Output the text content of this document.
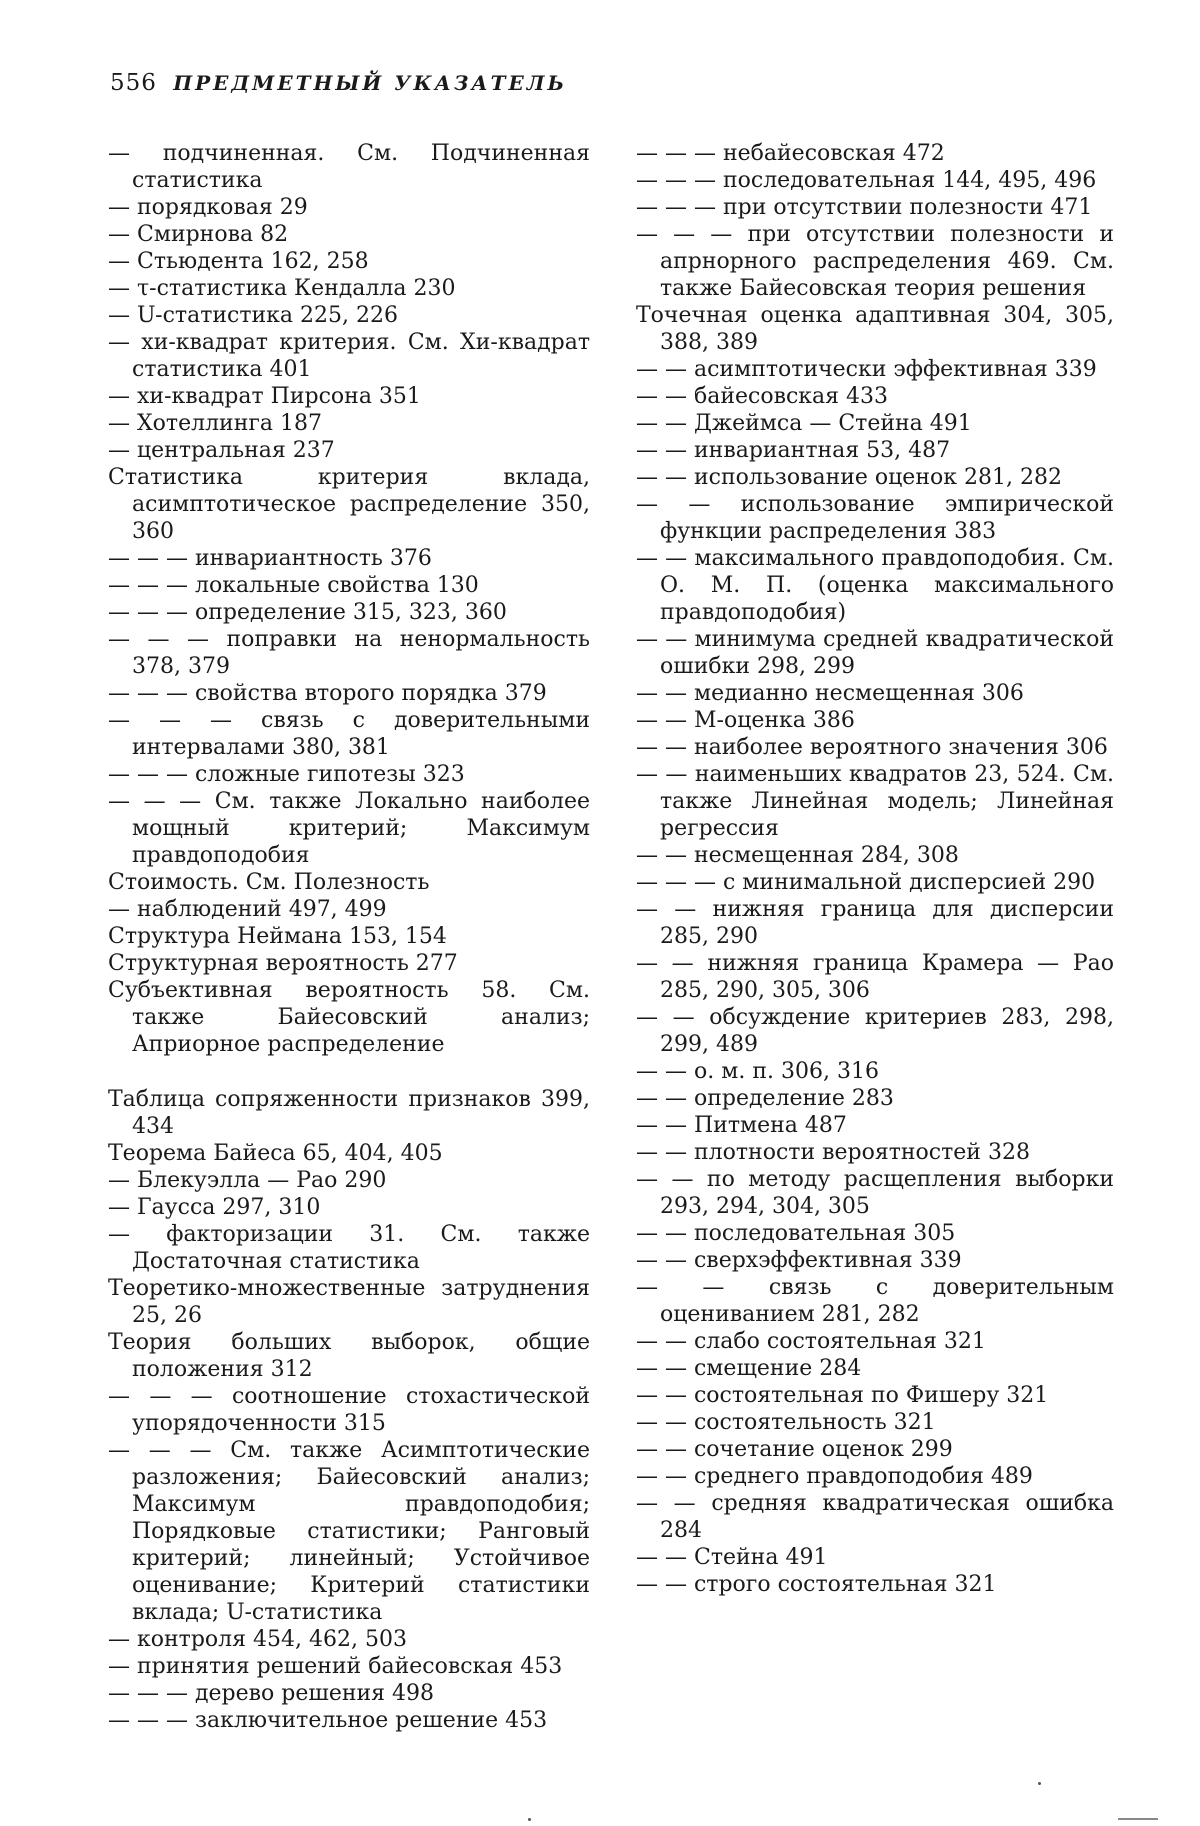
556 ПРЕДМЕТНЫЙ УКАЗАТЕЛЬ

— подчиненная. См. Подчиненная статистика

— порядковая 29

— Смирнова 82

— Стьюдента 162, 258

— τ-статистика Кендалла 230

— U-статистика 225, 226

— хи-квадрат критерия. См. Хи-квадрат статистика 401

— хи-квадрат Пирсона 351

— Хотеллинга 187

— центральная 237

Статистика критерия вклада, асимптотическое распределение 350, 360

— — — инвариантность 376

— — — локальные свойства 130

— — — определение 315, 323, 360

— — — поправки на ненормальность 378, 379

— — — свойства второго порядка 379

— — — связь с доверительными интервалами 380, 381

— — — сложные гипотезы 323

— — — См. также Локально наиболее мощный критерий; Максимум правдоподобия

Стоимость. См. Полезность

— наблюдений 497, 499

Структура Неймана 153, 154

Структурная вероятность 277

Субъективная вероятность 58. См. также Байесовский анализ; Априорное распределение

Таблица сопряженности признаков 399, 434

Теорема Байеса 65, 404, 405

— Блекуэлла — Рао 290

— Гаусса 297, 310

— факторизации 31. См. также Достаточная статистика

Теоретико-множественные затруднения 25, 26

Теория больших выборок, общие положения 312

— — — соотношение стохастической упорядоченности 315

— — — См. также Асимптотические разложения; Байесовский анализ; Максимум правдоподобия; Порядковые статистики; Ранговый критерий; линейный; Устойчивое оценивание; Критерий статистики вклада; U-статистика

— контроля 454, 462, 503

— принятия решений байесовская 453

— — — дерево решения 498

— — — заключительное решение 453

— — — небайесовская 472

— — — последовательная 144, 495, 496

— — — при отсутствии полезности 471

— — — при отсутствии полезности и апрнорного распределения 469. См. также Байесовская теория решения

Точечная оценка адаптивная 304, 305, 388, 389

— — асимптотически эффективная 339

— — байесовская 433

— — Джеймса — Стейна 491

— — инвариантная 53, 487

— — использование оценок 281, 282

— — использование эмпирической функции распределения 383

— — максимального правдоподобия. См. О. М. П. (оценка максимального правдоподобия)

— — минимума средней квадратической ошибки 298, 299

— — медианно несмещенная 306

— — M-оценка 386

— — наиболее вероятного значения 306

— — наименьших квадратов 23, 524. См. также Линейная модель; Линейная регрессия

— — несмещенная 284, 308

— — — с минимальной дисперсией 290

— — нижняя граница для дисперсии 285, 290

— — нижняя граница Крамера — Рао 285, 290, 305, 306

— — обсуждение критериев 283, 298, 299, 489

— — о. м. п. 306, 316

— — определение 283

— — Питмена 487

— — плотности вероятностей 328

— — по методу расщепления выборки 293, 294, 304, 305

— — последовательная 305

— — сверхэффективная 339

— — связь с доверительным оцениванием 281, 282

— — слабо состоятельная 321

— — смещение 284

— — состоятельная по Фишеру 321

— — состоятельность 321

— — сочетание оценок 299

— — среднего правдоподобия 489

— — средняя квадратическая ошибка 284

— — Стейна 491

— — строго состоятельная 321
